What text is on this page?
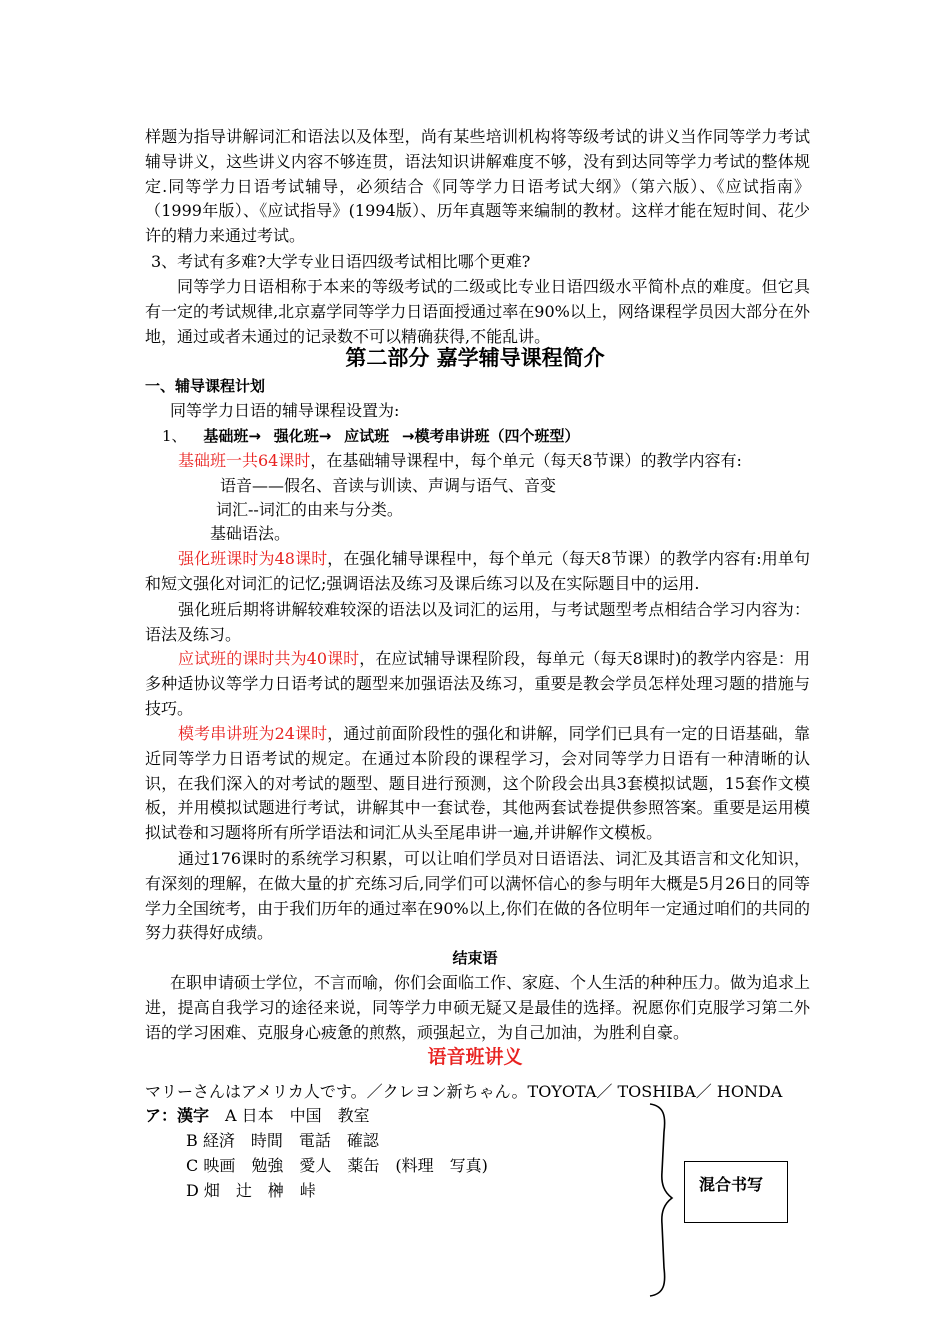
样题为指导讲解词汇和语法以及体型，尚有某些培训机构将等级考试的讲义当作同等学力考试辅导讲义，这些讲义内容不够连贯，语法知识讲解难度不够，没有到达同等学力考试的整体规定.同等学力日语考试辅导，必须结合《同等学力日语考试大纲》（第六版）、《应试指南》（1999年版）、《应试指导》(1994版）、历年真题等来编制的教材。这样才能在短时间、花少许的精力来通过考试。

3、考试有多难?大学专业日语四级考试相比哪个更难?

同等学力日语相称于本来的等级考试的二级或比专业日语四级水平简朴点的难度。但它具有一定的考试规律,北京嘉学同等学力日语面授通过率在90%以上，网络课程学员因大部分在外地，通过或者未通过的记录数不可以精确获得,不能乱讲。

第二部分 嘉学辅导课程简介
一、辅导课程计划

同等学力日语的辅导课程设置为:

1、 基础班→ 强化班→ 应试班 →模考串讲班（四个班型）

基础班一共64课时，在基础辅导课程中，每个单元（每天8节课）的教学内容有:

语音——假名、音读与训读、声调与语气、音变

词汇--词汇的由来与分类。

基础语法。

强化班课时为48课时，在强化辅导课程中，每个单元（每天8节课）的教学内容有:用单句和短文强化对词汇的记忆;强调语法及练习及课后练习以及在实际题目中的运用.

强化班后期将讲解较难较深的语法以及词汇的运用，与考试题型考点相结合学习内容为：语法及练习。

应试班的课时共为40课时，在应试辅导课程阶段，每单元（每天8课时)的教学内容是：用多种适协议等学力日语考试的题型来加强语法及练习，重要是教会学员怎样处理习题的措施与技巧。

模考串讲班为24课时，通过前面阶段性的强化和讲解，同学们已具有一定的日语基础，靠近同等学力日语考试的规定。在通过本阶段的课程学习，会对同等学力日语有一种清晰的认识，在我们深入的对考试的题型、题目进行预测，这个阶段会出具3套模拟试题，15套作文模板，并用模拟试题进行考试，讲解其中一套试卷，其他两套试卷提供参照答案。重要是运用模拟试卷和习题将所有所学语法和词汇从头至尾串讲一遍,并讲解作文模板。

通过176课时的系统学习积累，可以让咱们学员对日语语法、词汇及其语言和文化知识，有深刻的理解，在做大量的扩充练习后,同学们可以满怀信心的参与明年大概是5月26日的同等学力全国统考，由于我们历年的通过率在90%以上,你们在做的各位明年一定通过咱们的共同的努力获得好成绩。

结束语

在职申请硕士学位，不言而喻，你们会面临工作、家庭、个人生活的种种压力。做为追求上进，提高自我学习的途径来说，同等学力申硕无疑又是最佳的选择。祝愿你们克服学习第二外语的学习困难、克服身心疲惫的煎熬，顽强起立，为自己加油，为胜利自豪。

语音班讲义

マリーさんはアメリカ人です。／クレヨン新ちゃん。TOYOTA／ TOSHIBA／ HONDA

ア：漢字 A 日本　中国　教室

B 経済　時間　電話　確認

C 映画　勉強　愛人　薬缶　(料理　写真)

D 畑　辻　榊　峠	混合书写
